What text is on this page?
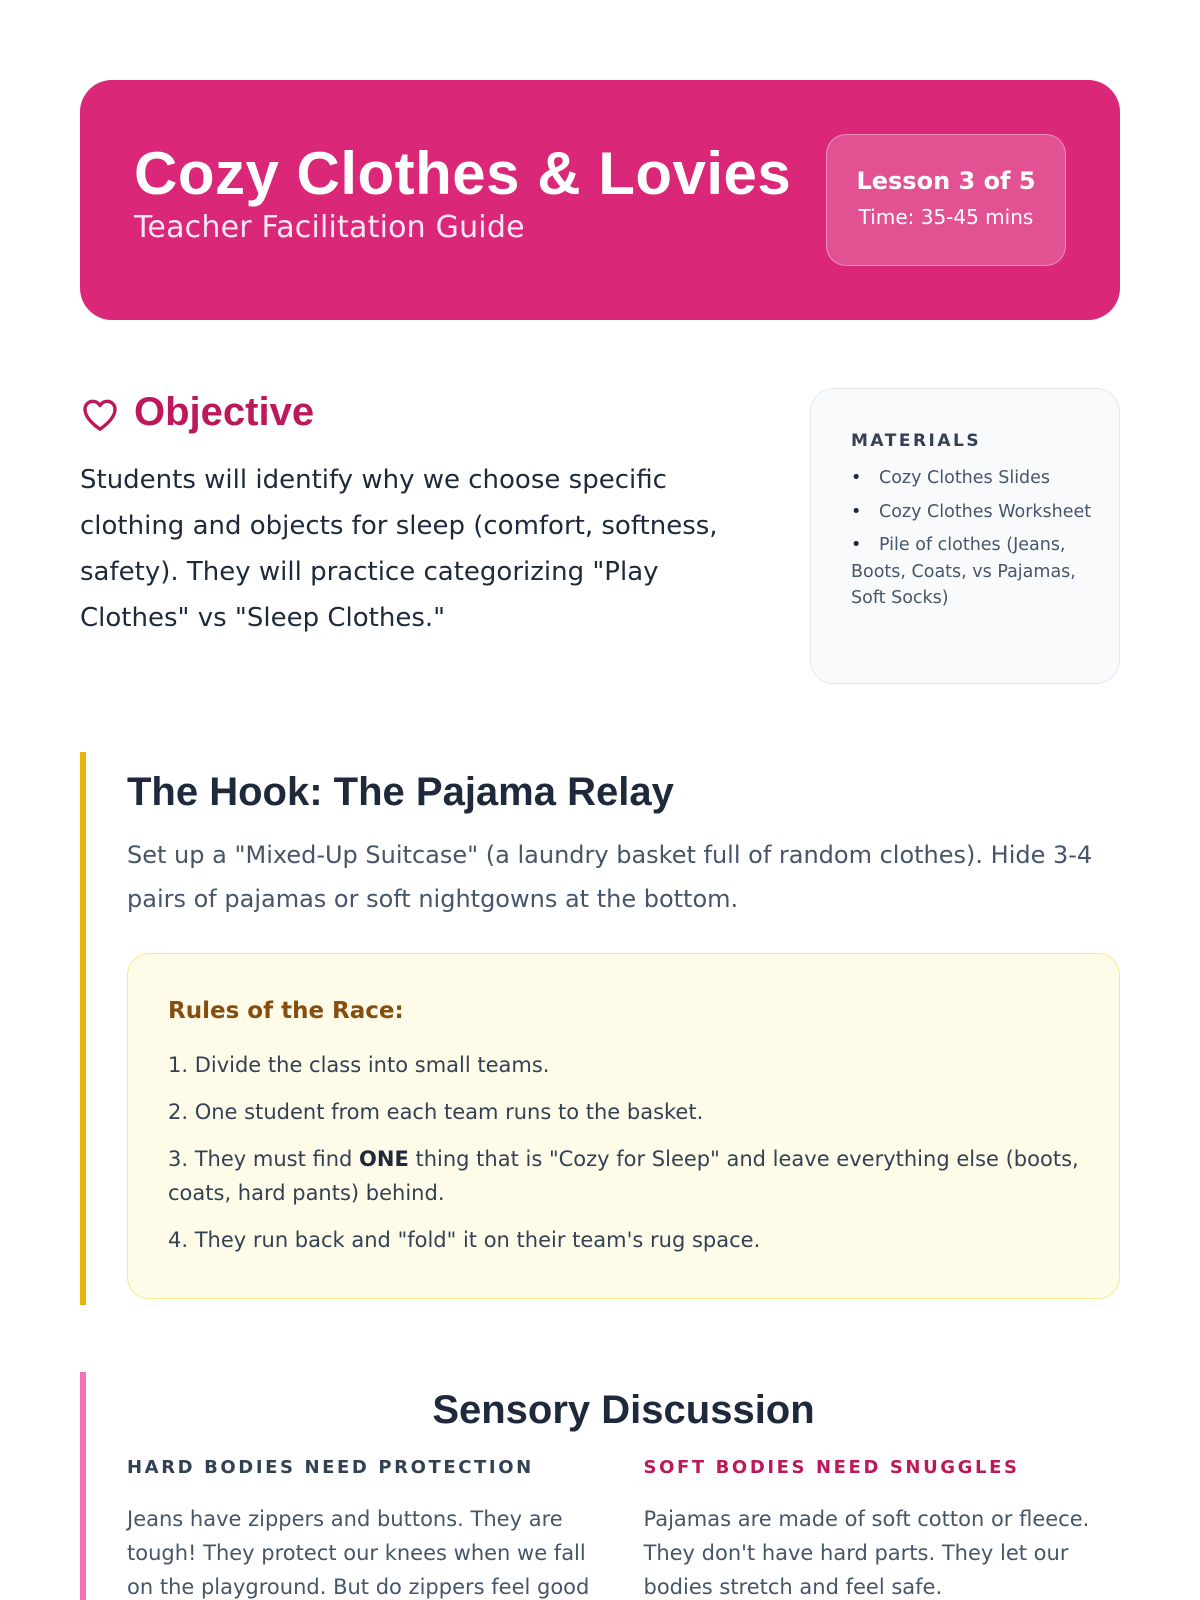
Cozy Clothes & Lovies
Teacher Facilitation Guide
Lesson 3 of 5
Time: 35-45 mins
Objective
Students will identify why we choose specific clothing and objects for sleep (comfort, softness, safety). They will practice categorizing "Play Clothes" vs "Sleep Clothes."
MATERIALS
• Cozy Clothes Slides
• Cozy Clothes Worksheet
• Pile of clothes (Jeans, Boots, Coats, vs Pajamas, Soft Socks)
The Hook: The Pajama Relay
Set up a "Mixed-Up Suitcase" (a laundry basket full of random clothes). Hide 3-4 pairs of pajamas or soft nightgowns at the bottom.
Rules of the Race:
1. Divide the class into small teams.
2. One student from each team runs to the basket.
3. They must find ONE thing that is "Cozy for Sleep" and leave everything else (boots, coats, hard pants) behind.
4. They run back and "fold" it on their team's rug space.
Sensory Discussion
HARD BODIES NEED PROTECTION
Jeans have zippers and buttons. They are tough! They protect our knees when we fall on the playground. But do zippers feel good
SOFT BODIES NEED SNUGGLES
Pajamas are made of soft cotton or fleece. They don't have hard parts. They let our bodies stretch and feel safe.
